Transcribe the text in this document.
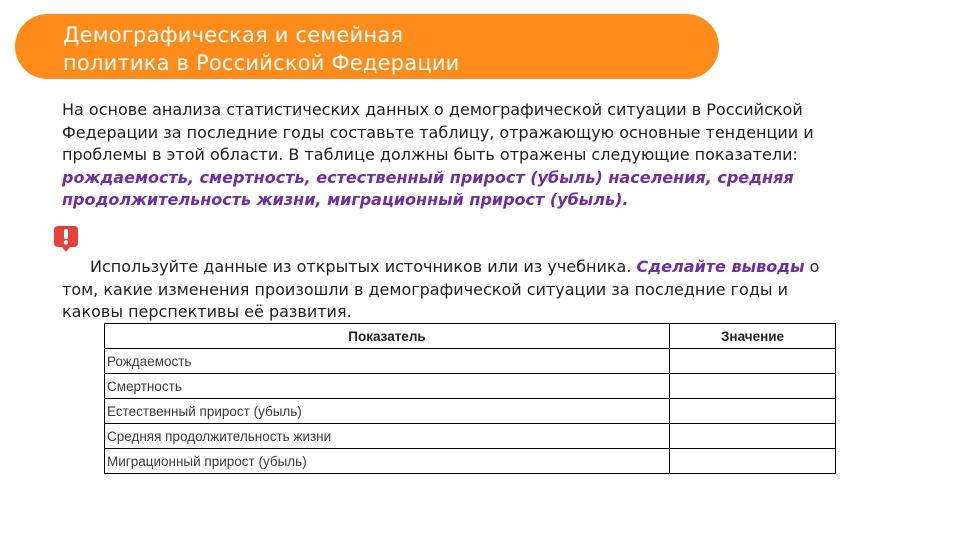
Демографическая и семейная
политика в Российской Федерации
На основе анализа статистических данных о демографической ситуации в Российской Федерации за последние годы составьте таблицу, отражающую основные тенденции и проблемы в этой области. В таблице должны быть отражены следующие показатели: рождаемость, смертность, естественный прирост (убыль) населения, средняя продолжительность жизни, миграционный прирост (убыль).
Используйте данные из открытых источников или из учебника. Сделайте выводы о том, какие изменения произошли в демографической ситуации за последние годы и каковы перспективы её развития.
Показатель	Значение
Рождаемость	
Смертность	
Естественный прирост (убыль)	
Средняя продолжительность жизни	
Миграционный прирост (убыль)	
